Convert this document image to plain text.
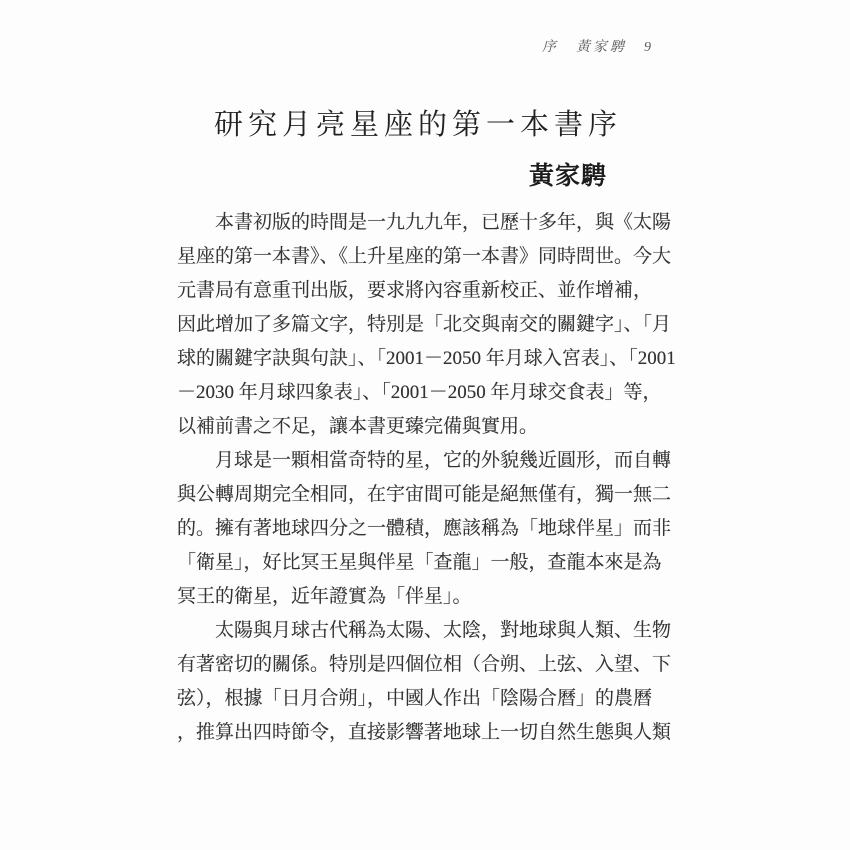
序　黃家騁　9
研究月亮星座的第一本書序
黃家騁
本書初版的時間是一九九九年，已歷十多年，與《太陽
星座的第一本書》、《上升星座的第一本書》同時問世。今大
元書局有意重刊出版，要求將內容重新校正、並作增補，
因此增加了多篇文字，特別是「北交與南交的關鍵字」、「月
球的關鍵字訣與句訣」、「2001－2050 年月球入宮表」、「2001
－2030 年月球四象表」、「2001－2050 年月球交食表」等，
以補前書之不足，讓本書更臻完備與實用。
月球是一顆相當奇特的星，它的外貌幾近圓形，而自轉
與公轉周期完全相同，在宇宙間可能是絕無僅有，獨一無二
的。擁有著地球四分之一體積，應該稱為「地球伴星」而非
「衛星」，好比冥王星與伴星「查龍」一般，查龍本來是為
冥王的衛星，近年證實為「伴星」。
太陽與月球古代稱為太陽、太陰，對地球與人類、生物
有著密切的關係。特別是四個位相（合朔、上弦、入望、下
弦），根據「日月合朔」，中國人作出「陰陽合曆」的農曆
，推算出四時節令，直接影響著地球上一切自然生態與人類
